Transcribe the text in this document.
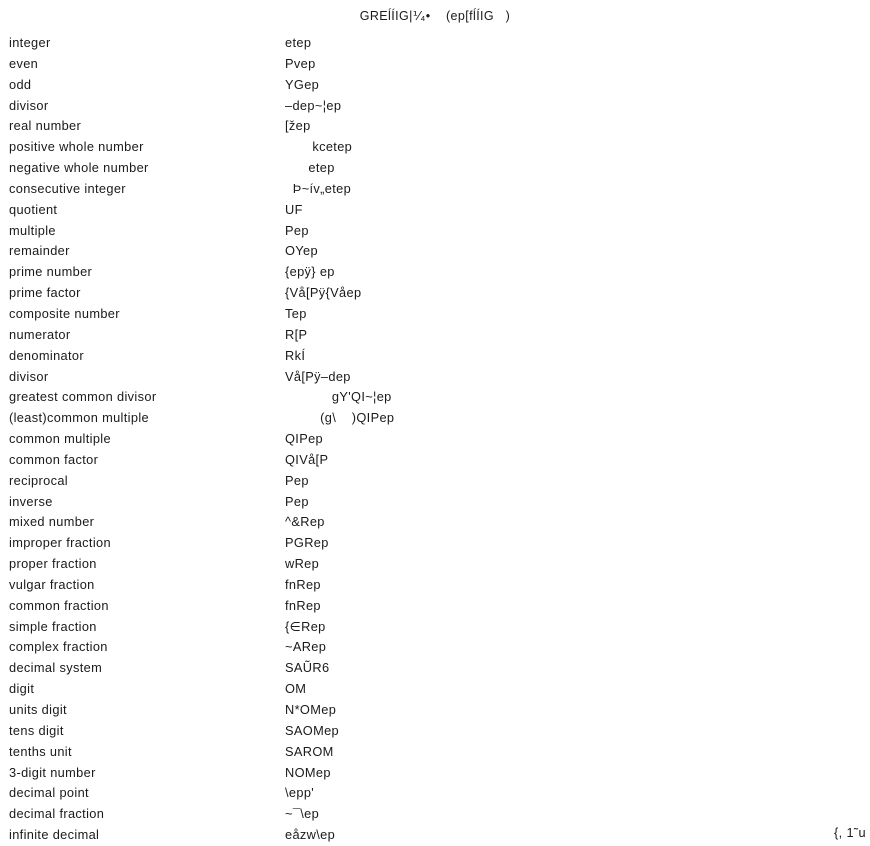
GREĺÍIG|⅟₄•    (ep[fĺÍIG   )
integer	etep
even	Pvep
odd	YGep
divisor	‒dep~¦ep
real number	[žep
positive whole number	kcetep
negative whole number	etep
consecutive integer	Þ~ív„etep
quotient	UF
multiple	Pep
remainder	OYep
prime number	{epÿ} ep
prime factor	{Vå[Pÿ{Våep
composite number	Tep
numerator	R[P
denominator	RkÍ
divisor	Vå[Pÿ‒dep
greatest common divisor	gY'QI~¦ep
(least)common multiple	(g\    )QIPep
common multiple	QIPep
common factor	QIVå[P
reciprocal	Pep
inverse	Pep
mixed number	^&Rep
improper fraction	PGRep
proper fraction	wRep
vulgar fraction	fnRep
common fraction	fnRep
simple fraction	{∈Rep
complex fraction	~ARep
decimal system	SAŨR6
digit	OM
units digit	N*OMep
tens digit	SAOMep
tenths unit	SAROM
3-digit number	NOMep
decimal point	\epp'
decimal fraction	~¯\ep
infinite decimal	eåzw\ep	{, 1˜u
